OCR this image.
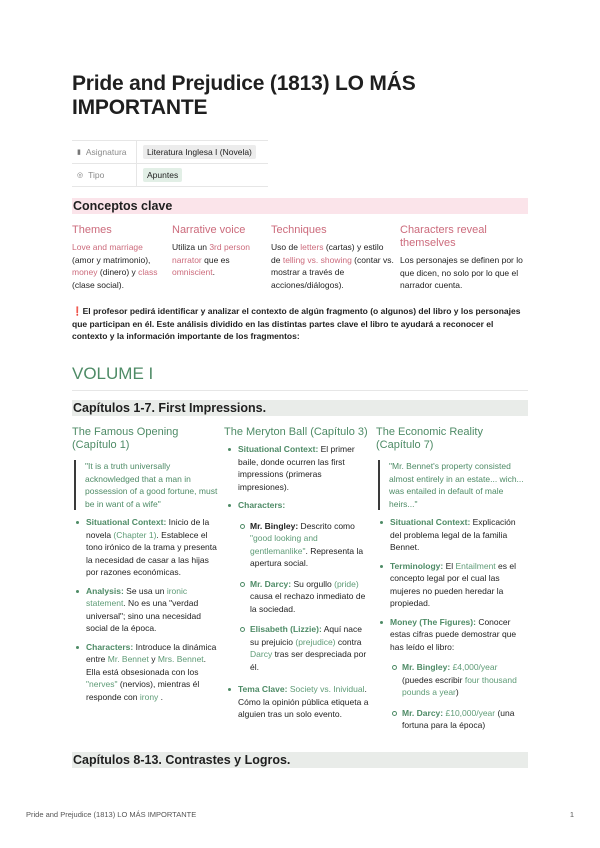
Pride and Prejudice (1813) LO MÁS IMPORTANTE
▮ Asignatura	Literatura Inglesa I (Novela)
◎ Tipo	Apuntes
Conceptos clave
Themes
Love and marriage
(amor y matrimonio),
money (dinero) y class
(clase social).
Narrative voice
Utiliza un 3rd person narrator que es omniscient.
Techniques
Uso de letters (cartas) y estilo de telling vs. showing (contar vs. mostrar a través de acciones/diálogos).
Characters reveal themselves
Los personajes se definen por lo que dicen, no solo por lo que el narrador cuenta.
❗El profesor pedirá identificar y analizar el contexto de algún fragmento (o algunos) del libro y los personajes que participan en él. Este análisis dividido en las distintas partes clave el libro te ayudará a reconocer el contexto y la información importante de los fragmentos:
VOLUME I
Capítulos 1-7. First Impressions.
The Famous Opening (Capítulo 1)
"It is a truth universally acknowledged that a man in possession of a good fortune, must be in want of a wife"
Situational Context: Inicio de la novela (Chapter 1). Establece el tono irónico de la trama y presenta la necesidad de casar a las hijas por razones económicas.
Analysis: Se usa un ironic statement. No es una "verdad universal"; sino una necesidad social de la época.
Characters: Introduce la dinámica entre Mr. Bennet y Mrs. Bennet. Ella está obsesionada con los "nerves" (nervios), mientras él responde con irony .
The Meryton Ball (Capítulo 3)
Situational Context: El primer baile, donde ocurren las first impressions (primeras impresiones).
Characters:
Mr. Bingley: Descrito como "good looking and gentlemanlike". Representa la apertura social.
Mr. Darcy: Su orgullo (pride) causa el rechazo inmediato de la sociedad.
Elisabeth (Lizzie): Aquí nace su prejuicio (prejudice) contra Darcy tras ser despreciada por él.
Tema Clave: Society vs. Inividual. Cómo la opinión pública etiqueta a alguien tras un solo evento.
The Economic Reality (Capítulo 7)
"Mr. Bennet's property consisted almost entirely in an estate... wich... was entailed in default of male heirs..."
Situational Context: Explicación del problema legal de la familia Bennet.
Terminology: El Entailment es el concepto legal por el cual las mujeres no pueden heredar la propiedad.
Money (The Figures): Conocer estas cifras puede demostrar que has leído el libro:
Mr. Bingley: £4,000/year (puedes escribir four thousand pounds a year)
Mr. Darcy: £10,000/year (una fortuna para la época)
Capítulos 8-13. Contrastes y Logros.
Pride and Prejudice (1813) LO MÁS IMPORTANTE	1
